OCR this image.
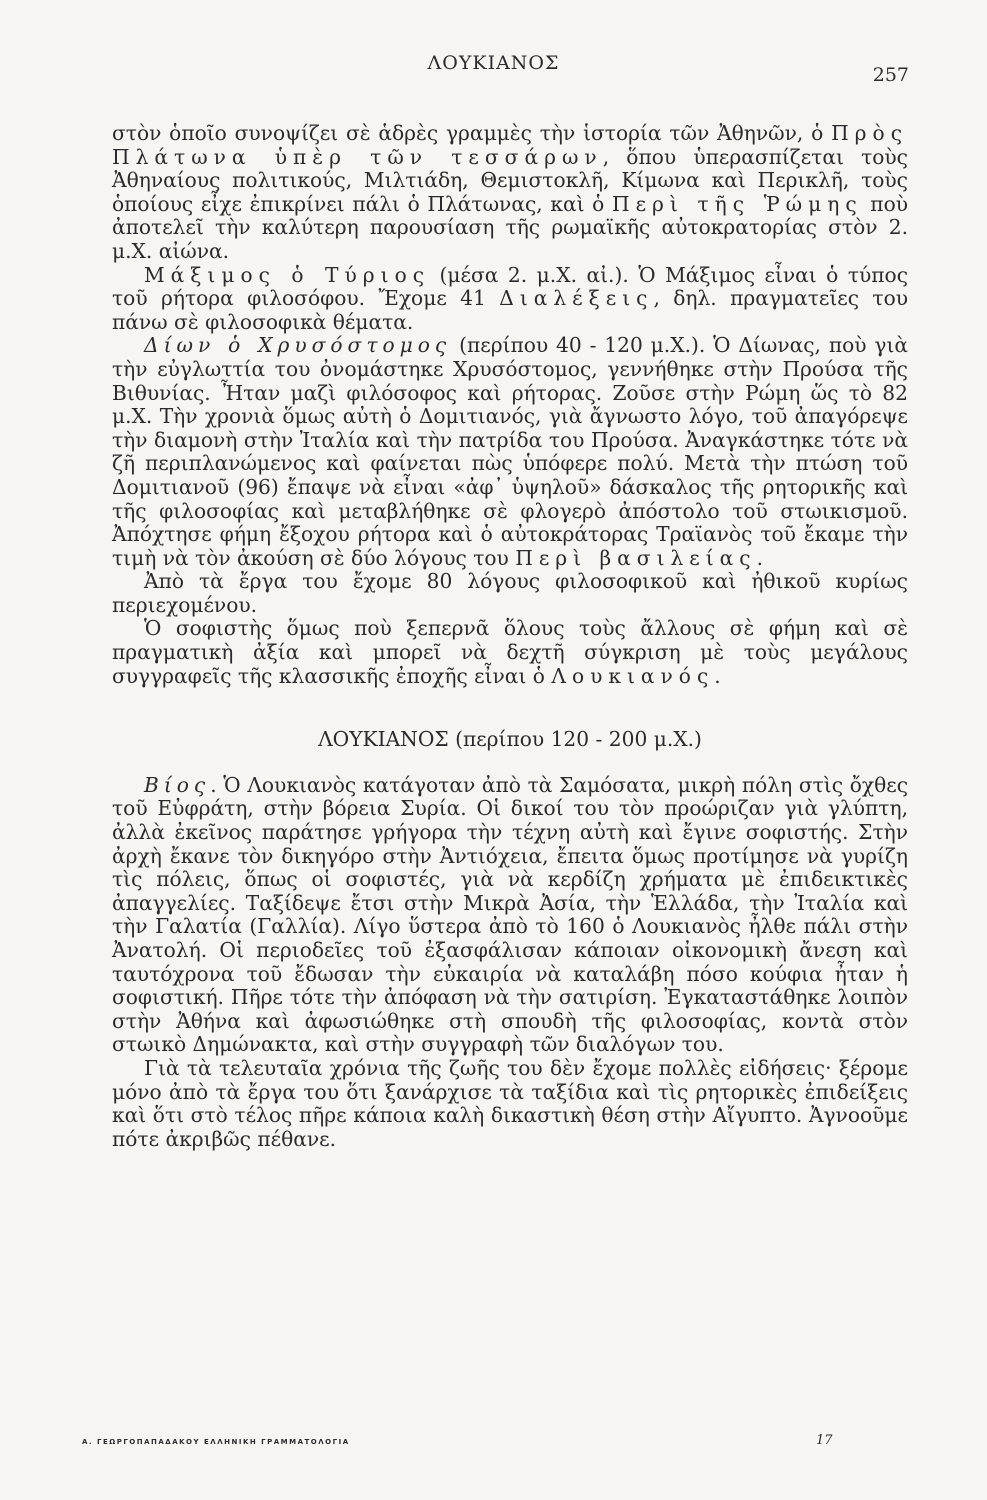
ΛΟΥΚΙΑΝΟΣ
257

στὸν ὁποῖο συνοψίζει σὲ ἁδρὲς γραμμὲς τὴν ἱστορία τῶν Ἀθηνῶν, ὁ Πρὸς Πλάτωνα ὑπὲρ τῶν τεσσάρων, ὅπου ὑπερασπίζεται τοὺς Ἀθηναίους πολιτικούς, Μιλτιάδη, Θεμιστοκλῆ, Κίμωνα καὶ Περικλῆ, τοὺς ὁποίους εἶχε ἐπικρίνει πάλι ὁ Πλάτωνας, καὶ ὁ Περὶ τῆς Ῥώμης ποὺ ἀποτελεῖ τὴν καλύτερη παρουσίαση τῆς ρωμαϊκῆς αὐτοκρατορίας στὸν 2. μ.Χ. αἰώνα.

Μάξιμος ὁ Τύριος (μέσα 2. μ.Χ. αἰ.). Ὁ Μάξιμος εἶναι ὁ τύπος τοῦ ρήτορα φιλοσόφου. Ἔχομε 41 Διαλέξεις, δηλ. πραγματεῖες του πάνω σὲ φιλοσοφικὰ θέματα.

Δίων ὁ Χρυσόστομος (περίπου 40 - 120 μ.Χ.). Ὁ Δίωνας, ποὺ γιὰ τὴν εὐγλωττία του ὀνομάστηκε Χρυσόστομος, γεννήθηκε στὴν Προύσα τῆς Βιθυνίας. Ἦταν μαζὶ φιλόσοφος καὶ ρήτορας. Ζοῦσε στὴν Ρώμη ὥς τὸ 82 μ.Χ. Τὴν χρονιὰ ὅμως αὐτὴ ὁ Δομιτιανός, γιὰ ἄγνωστο λόγο, τοῦ ἀπαγόρεψε τὴν διαμονὴ στὴν Ἰταλία καὶ τὴν πατρίδα του Προύσα. Ἀναγκάστηκε τότε νὰ ζῆ περιπλανώμενος καὶ φαίνεται πὼς ὑπόφερε πολύ. Μετὰ τὴν πτώση τοῦ Δομιτιανοῦ (96) ἔπαψε νὰ εἶναι «ἀφ᾽ ὑψηλοῦ» δάσκαλος τῆς ρητορικῆς καὶ τῆς φιλοσοφίας καὶ μεταβλήθηκε σὲ φλογερὸ ἀπόστολο τοῦ στωικισμοῦ. Ἀπόχτησε φήμη ἔξοχου ρήτορα καὶ ὁ αὐτοκράτορας Τραϊανὸς τοῦ ἔκαμε τὴν τιμὴ νὰ τὸν ἀκούση σὲ δύο λόγους του Περὶ βασιλείας.

Ἀπὸ τὰ ἔργα του ἔχομε 80 λόγους φιλοσοφικοῦ καὶ ἠθικοῦ κυρίως περιεχομένου.

Ὁ σοφιστὴς ὅμως ποὺ ξεπερνᾶ ὅλους τοὺς ἄλλους σὲ φήμη καὶ σὲ πραγματικὴ ἀξία καὶ μπορεῖ νὰ δεχτῆ σύγκριση μὲ τοὺς μεγάλους συγγραφεῖς τῆς κλασσικῆς ἐποχῆς εἶναι ὁ Λουκιανός.

ΛΟΥΚΙΑΝΟΣ (περίπου 120 - 200 μ.Χ.)

Βίος. Ὁ Λουκιανὸς κατάγοταν ἀπὸ τὰ Σαμόσατα, μικρὴ πόλη στὶς ὄχθες τοῦ Εὐφράτη, στὴν βόρεια Συρία. Οἱ δικοί του τὸν προώριζαν γιὰ γλύπτη, ἀλλὰ ἐκεῖνος παράτησε γρήγορα τὴν τέχνη αὐτὴ καὶ ἔγινε σοφιστής. Στὴν ἀρχὴ ἔκανε τὸν δικηγόρο στὴν Ἀντιόχεια, ἔπειτα ὅμως προτίμησε νὰ γυρίζη τὶς πόλεις, ὅπως οἱ σοφιστές, γιὰ νὰ κερδίζη χρήματα μὲ ἐπιδεικτικὲς ἀπαγγελίες. Ταξίδεψε ἔτσι στὴν Μικρὰ Ἀσία, τὴν Ἑλλάδα, τὴν Ἰταλία καὶ τὴν Γαλατία (Γαλλία). Λίγο ὕστερα ἀπὸ τὸ 160 ὁ Λουκιανὸς ἦλθε πάλι στὴν Ἀνατολή. Οἱ περιοδεῖες τοῦ ἐξασφάλισαν κάποιαν οἰκονομικὴ ἄνεση καὶ ταυτόχρονα τοῦ ἔδωσαν τὴν εὐκαιρία νὰ καταλάβη πόσο κούφια ἦταν ἡ σοφιστική. Πῆρε τότε τὴν ἀπόφαση νὰ τὴν σατιρίση. Ἐγκαταστάθηκε λοιπὸν στὴν Ἀθήνα καὶ ἀφωσιώθηκε στὴ σπουδὴ τῆς φιλοσοφίας, κοντὰ στὸν στωικὸ Δημώνακτα, καὶ στὴν συγγραφὴ τῶν διαλόγων του.

Γιὰ τὰ τελευταῖα χρόνια τῆς ζωῆς του δὲν ἔχομε πολλὲς εἰδήσεις· ξέρομε μόνο ἀπὸ τὰ ἔργα του ὅτι ξανάρχισε τὰ ταξίδια καὶ τὶς ρητορικὲς ἐπιδείξεις καὶ ὅτι στὸ τέλος πῆρε κάποια καλὴ δικαστικὴ θέση στὴν Αἴγυπτο. Ἀγνοοῦμε πότε ἀκριβῶς πέθανε.

Α. ΓΕΩΡΓΟΠΑΠΑΔΑΚΟΥ ΕΛΛΗΝΙΚΗ ΓΡΑΜΜΑΤΟΛΟΓΙΑ	17
